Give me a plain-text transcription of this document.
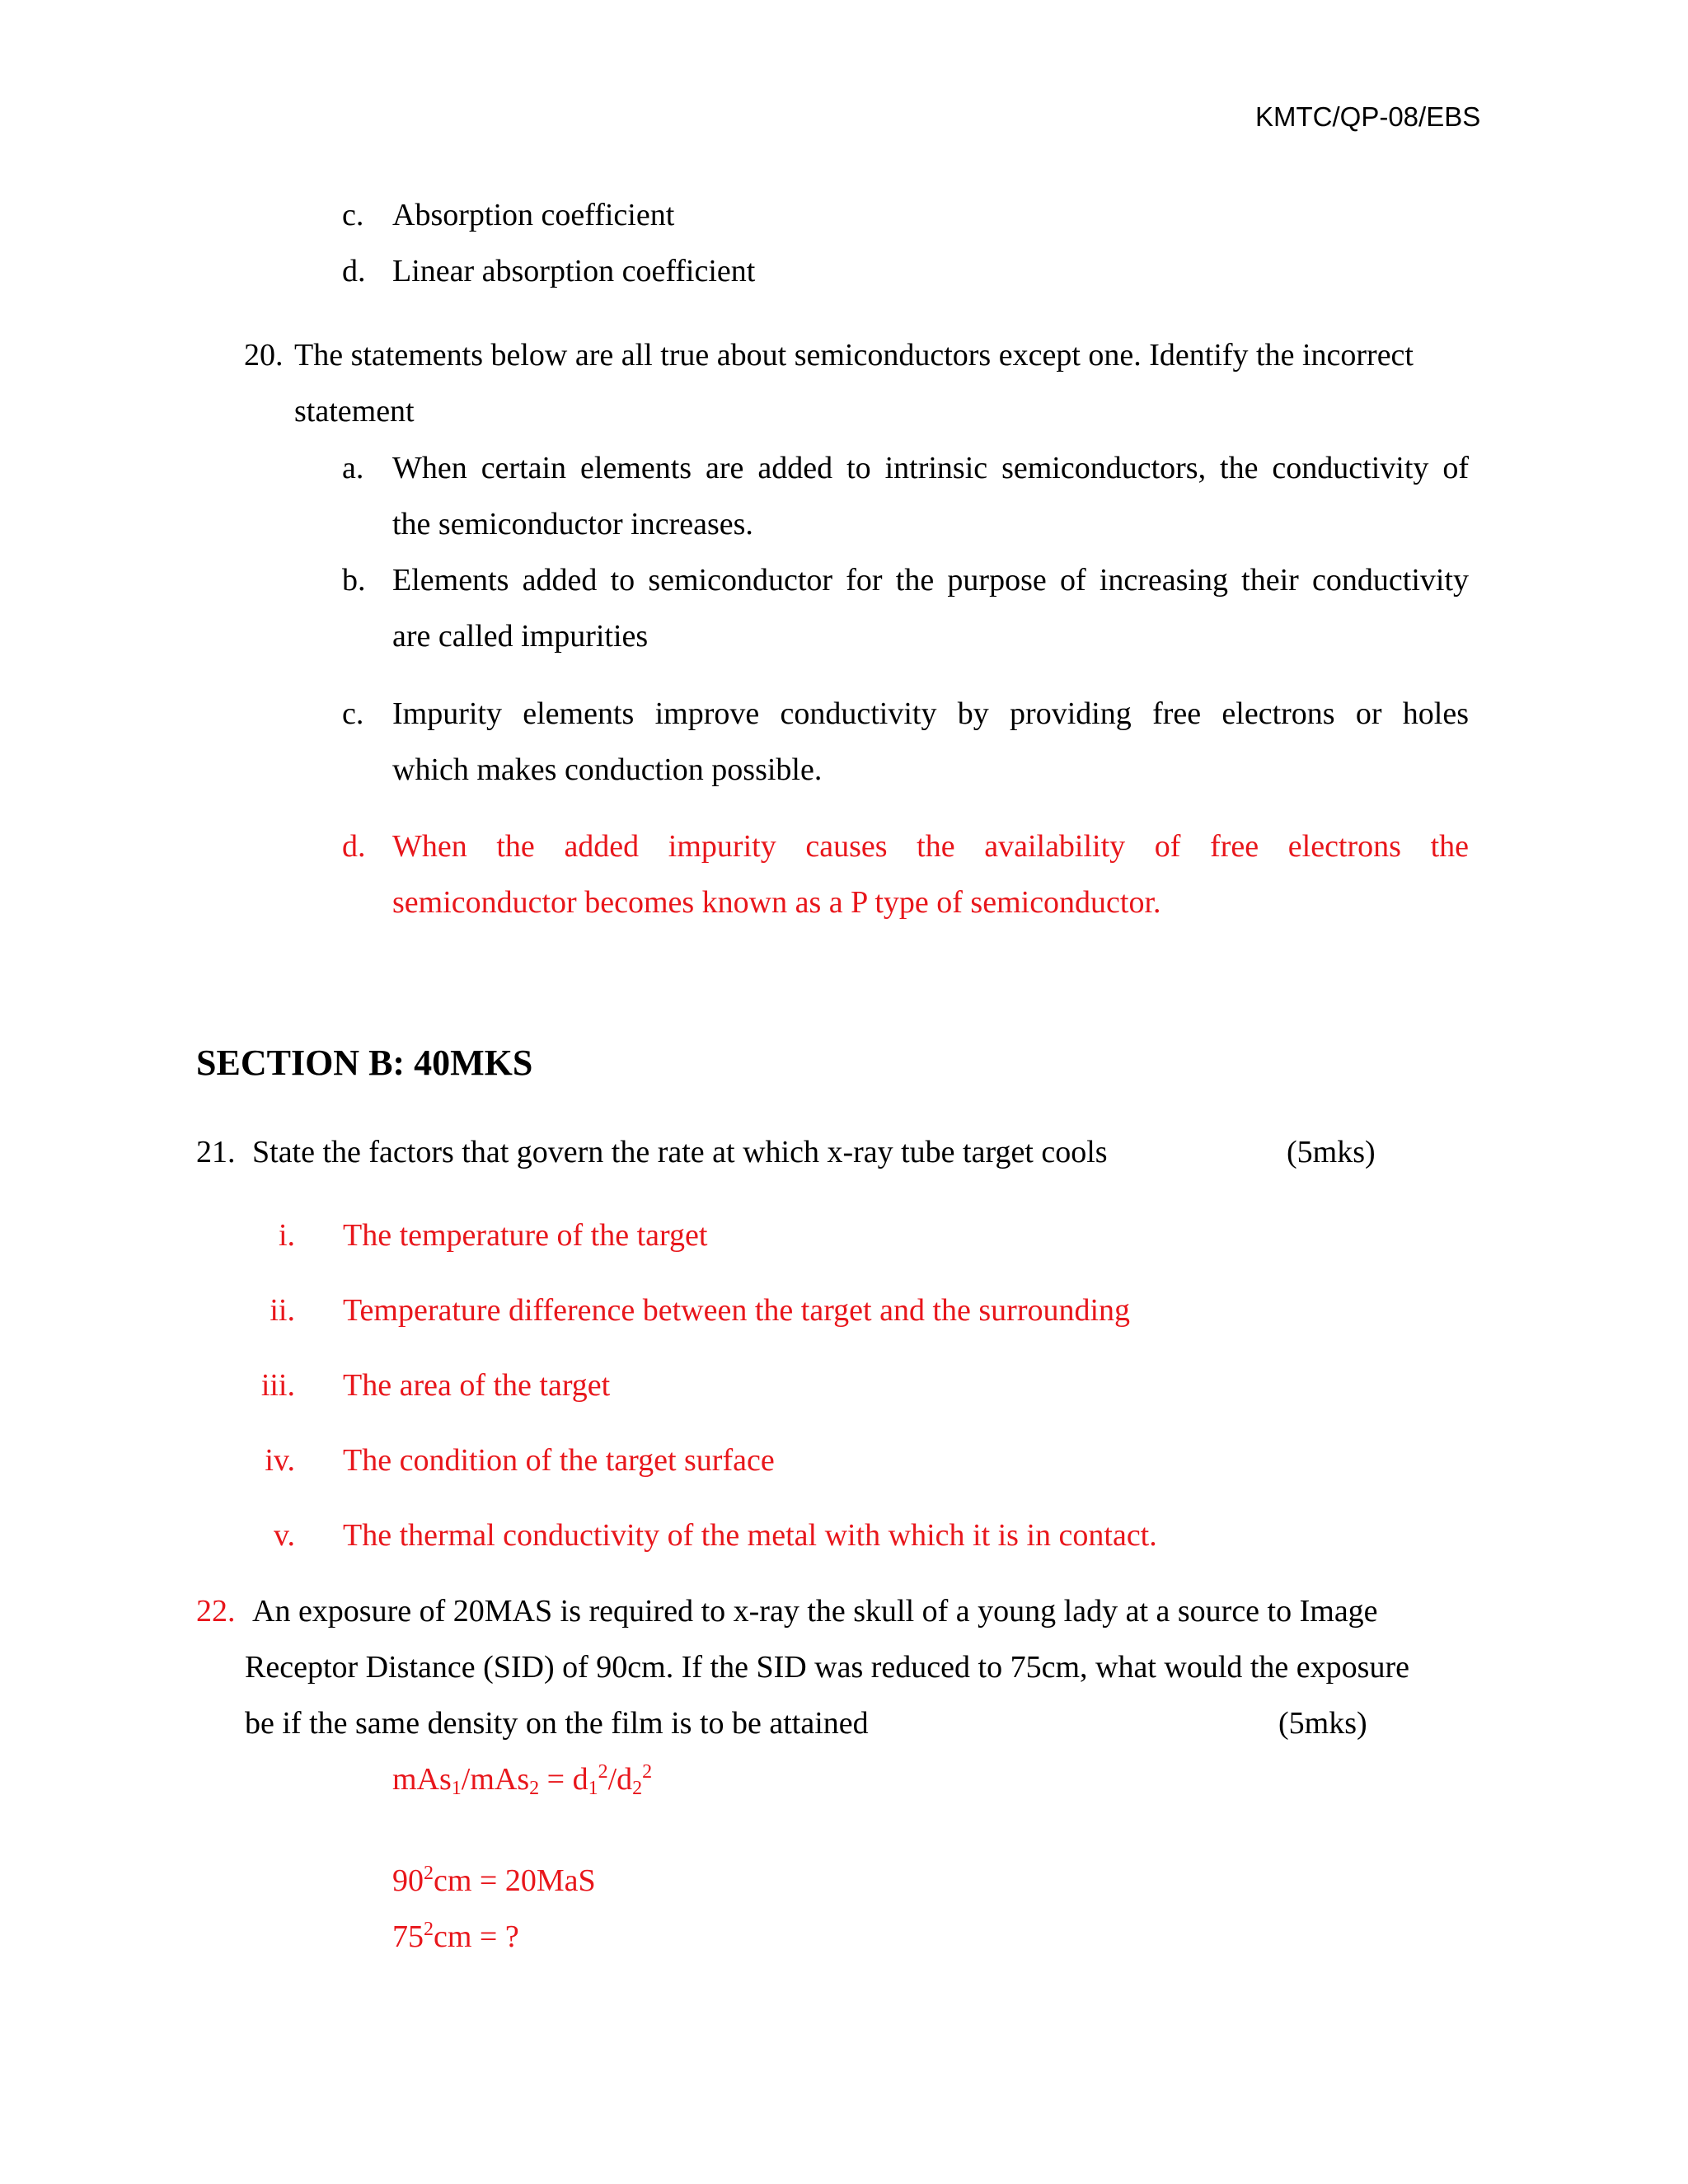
KMTC/QP-08/EBS
c. Absorption coefficient
d. Linear absorption coefficient
20. The statements below are all true about semiconductors except one. Identify the incorrect
statement
a. When certain elements are added to intrinsic semiconductors, the conductivity of
the semiconductor increases.
b. Elements added to semiconductor for the purpose of increasing their conductivity
are called impurities
c. Impurity elements improve conductivity by providing free electrons or holes
which makes conduction possible.
d. When the added impurity causes the availability of free electrons the
semiconductor becomes known as a P type of semiconductor.
SECTION B: 40MKS
21. State the factors that govern the rate at which x-ray tube target cools	(5mks)
i. The temperature of the target
ii. Temperature difference between the target and the surrounding
iii. The area of the target
iv. The condition of the target surface
v. The thermal conductivity of the metal with which it is in contact.
22. An exposure of 20MAS is required to x-ray the skull of a young lady at a source to Image
Receptor Distance (SID) of 90cm. If the SID was reduced to 75cm, what would the exposure
be if the same density on the film is to be attained	(5mks)
$mAs_1/mAs_2 = d_1^2/d_2^2$
$90^2cm = 20MaS$
$75^2cm$ = ?
